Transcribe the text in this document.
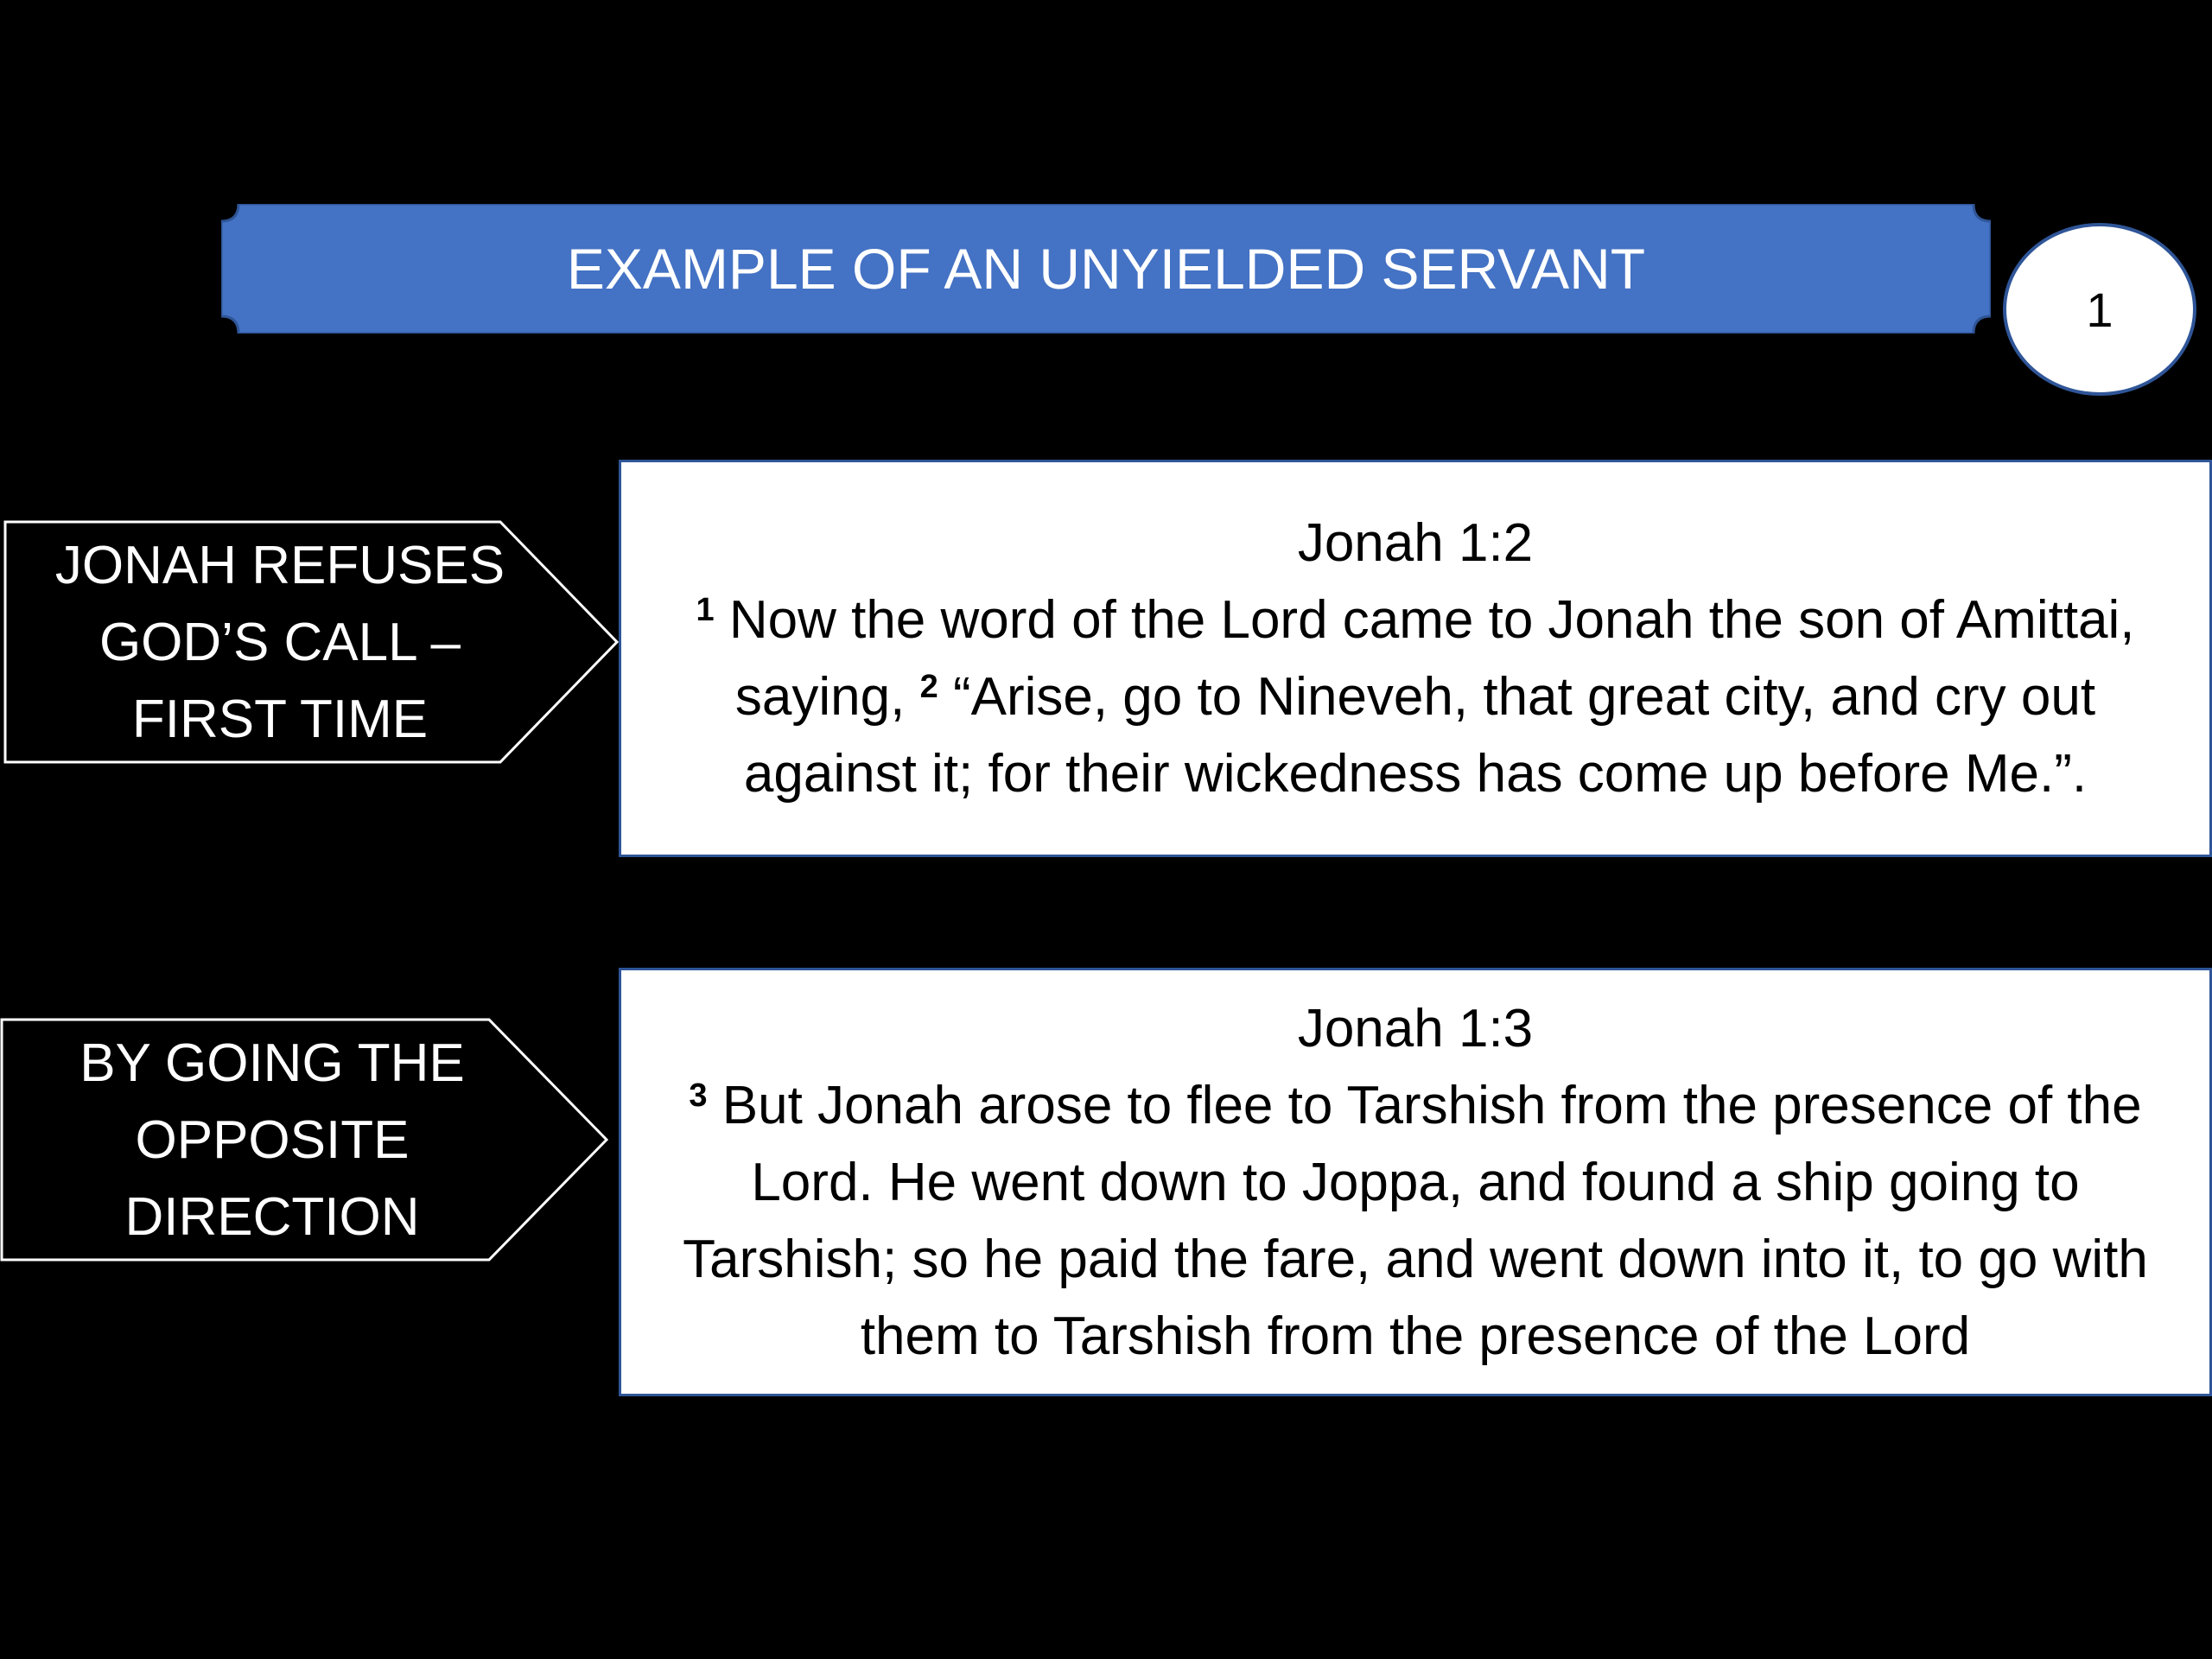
EXAMPLE OF AN UNYIELDED SERVANT
1
JONAH REFUSES
GOD’S CALL –
FIRST TIME
Jonah 1:2
$^1$ Now the word of the Lord came to Jonah the son of Amittai, saying, $^2$ “Arise, go to Nineveh, that great city, and cry out against it; for their wickedness has come up before Me.”.
BY GOING THE
OPPOSITE
DIRECTION
Jonah 1:3
$^3$ But Jonah arose to flee to Tarshish from the presence of the Lord. He went down to Joppa, and found a ship going to Tarshish; so he paid the fare, and went down into it, to go with them to Tarshish from the presence of the Lord
